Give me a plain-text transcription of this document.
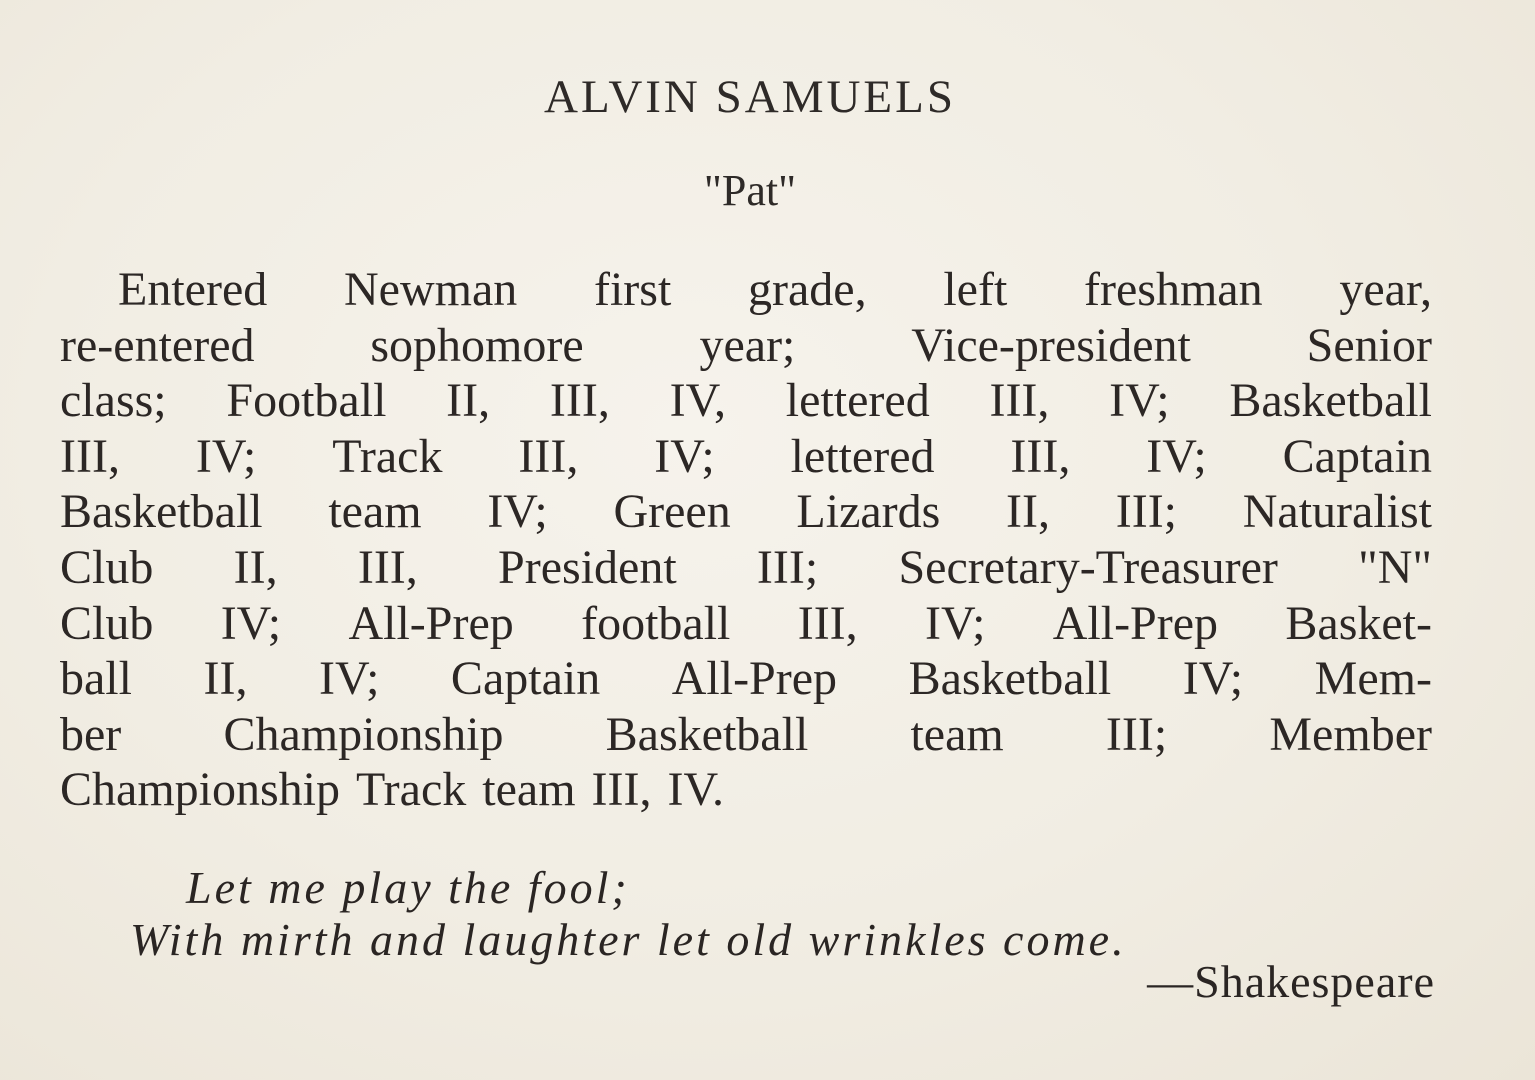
ALVIN SAMUELS
"Pat"
Entered Newman first grade, left freshman year,
re-entered sophomore year; Vice-president Senior
class; Football II, III, IV, lettered III, IV; Basketball
III, IV; Track III, IV; lettered III, IV; Captain
Basketball team IV; Green Lizards II, III; Naturalist
Club II, III, President III; Secretary-Treasurer "N"
Club IV; All-Prep football III, IV; All-Prep Basket-
ball II, IV; Captain All-Prep Basketball IV; Mem-
ber Championship Basketball team III; Member
Championship Track team III, IV.
Let me play the fool;
With mirth and laughter let old wrinkles come.
—Shakespeare
